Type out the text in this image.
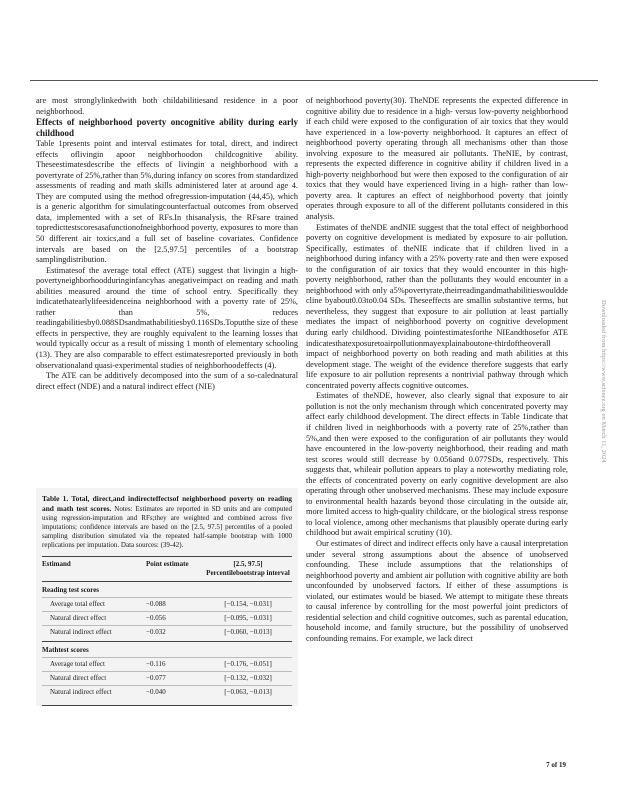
are most stronglylinkedwith both childabilitiesand residence in a poor neighborhood.

Effects of neighborhood poverty oncognitive ability during early childhood

Table 1presents point and interval estimates for total, direct, and indirect effects oflivingin apoor neighborhoodon childcognitive ability. Theseestimatesdescribe the effects of livingin a neighborhood with a povertyrate of 25%,rather than 5%,during infancy on scores from standardized assessments of reading and math skills administered later at around age 4. They are computed using the method ofregression-imputation (44,45), which is a generic algorithm for simulatingcounterfactual outcomes from observed data, implemented with a set of RFs.In thisanalysis, the RFsare trained topredicttestscoresasafunctionofneighborhood poverty, exposures to more than 50 different air toxics,and a full set of baseline covariates. Confidence intervals are based on the [2.5,97.5] percentiles of a bootstrap samplingdistribution.

Estimatesof the average total effect (ATE) suggest that livingin a high-povertyneighborhoodduringinfancyhas anegativeimpact on reading and math abilities measured around the time of school entry. Specifically they indicatethatearlylifeesidenceina neighborhood with a poverty rate of 25%, rather than 5%, reduces readingabilitiesby0.088SDsandmathabilitiesby0.116SDs.Toputthe size of these effects in perspective, they are roughly equivalent to the learning losses that would typically occur as a result of missing 1 month of elementary schooling (13). They are also comparable to effect estimatesreported previously in both observationaland quasi-experimental studies of neighborhoodeffects (4).

The ATE can be additively decomposed into the sum of a so-calednatural direct effect (NDE) and a natural indirect effect (NIE)

Table 1. Total, direct,and indirecteffectsof neighborhood poverty on reading and math test scores. Notes: Estimates are reported in SD units and are computed using regression-imputation and RFs;they are weighted and combined across five imputations; confidence intervals are based on the [2.5, 97.5] percentiles of a pooled sampling distribution simulated via the repeated half-sample bootstrap with 1000 replications per imputation. Data sources: (39-42).
Estimand	Point estimate	[2.5, 97.5] Percentilebootstrap interval
Reading test scores
Average total effect	−0.088	[−0.154, −0.031]
Natural direct effect	−0.056	[−0.095, −0.031]
Natural indirect effect	−0.032	[−0.060, −0.013]
Mathtest scores
Average total effect	−0.116	[−0.176, −0.051]
Natural direct effect	−0.077	[−0.132, −0.032]
Natural indirect effect	−0.040	[−0.063, −0.013]

of neighborhood poverty(30). TheNDE represents the expected difference in cognitive ability due to residence in a high- versus low-poverty neighborhood if each child were exposed to the configuration of air toxics that they would have experienced in a low-poverty neighborhood. It captures an effect of neighborhood poverty operating through all mechanisms other than those involving exposure to the measured air pollutants. TheNIE, by contrast, represents the expected difference in cognitive ability if children lived in a high-poverty neighborhood but were then exposed to the configuration of air toxics that they would have experienced living in a high- rather than low-poverty area. It captures an effect of neighborhood poverty that jointly operates through exposure to all of the different pollutants considered in this analysis.

Estimates of theNDE andNIE suggest that the total effect of neighborhood poverty on cognitive development is mediated by exposure to air pollution. Specifically, estimates of theNIE indicate that if children lived in a neighborhood during infancy with a 25% poverty rate and then were exposed to the configuration of air toxics that they would encounter in this high-poverty neighborhood, rather than the pollutants they would encounter in a neighborhood with only a5%povertyrate,theirreadingandmathabilitieswouldde cline byabout0.03to0.04 SDs. Theseeffects are smallin substantive terms, but nevertheless, they suggest that exposure to air pollution at least partially mediates the impact of neighborhood poverty on cognitive development during early childhood. Dividing pointestimatesforthe NIEandthosefor ATE indicatesthatexposuretoairpollutionmayexplainaboutone-thirdoftheoverall impact of neighborhood poverty on both reading and math abilities at this development stage. The weight of the evidence therefore suggests that early life exposure to air pollution represents a nontrivial pathway through which concentrated poverty affects cognitive outcomes.

Estimates of theNDE, however, also clearly signal that exposure to air pollution is not the only mechanism through which concentrated poverty may affect early childhood development. The direct effects in Table 1indicate that if children lived in neighborhoods with a poverty rate of 25%,rather than 5%,and then were exposed to the configuration of air pollutants they would have encountered in the low-poverty neighborhood, their reading and math test scores would still decrease by 0.056and 0.077SDs, respectively. This suggests that, whileair pollution appears to play a noteworthy mediating role, the effects of concentrated poverty on early cognitive development are also operating through other unobserved mechanisms. These may include exposure to environmental health hazards beyond those circulating in the outside air, more limited access to high-quality childcare, or the biological stress response to local violence, among other mechanisms that plausibly operate during early childhood but await empirical scrutiny (10).

Our estimates of direct and indirect effects only have a causal interpretation under several strong assumptions about the absence of unobserved confounding. These include assumptions that the relationships of neighborhood poverty and ambient air pollution with cognitive ability are both unconfounded by unobserved factors. If either of these assumptions is violated, our estimates would be biased. We attempt to mitigate these threats to causal inference by controlling for the most powerful joint predictors of residential selection and child cognitive outcomes, such as parental education, household income, and family structure, but the possibility of unobserved confounding remains. For example, we lack direct

Downloaded from https://www.science.org on March 11, 2024
7 of 19
